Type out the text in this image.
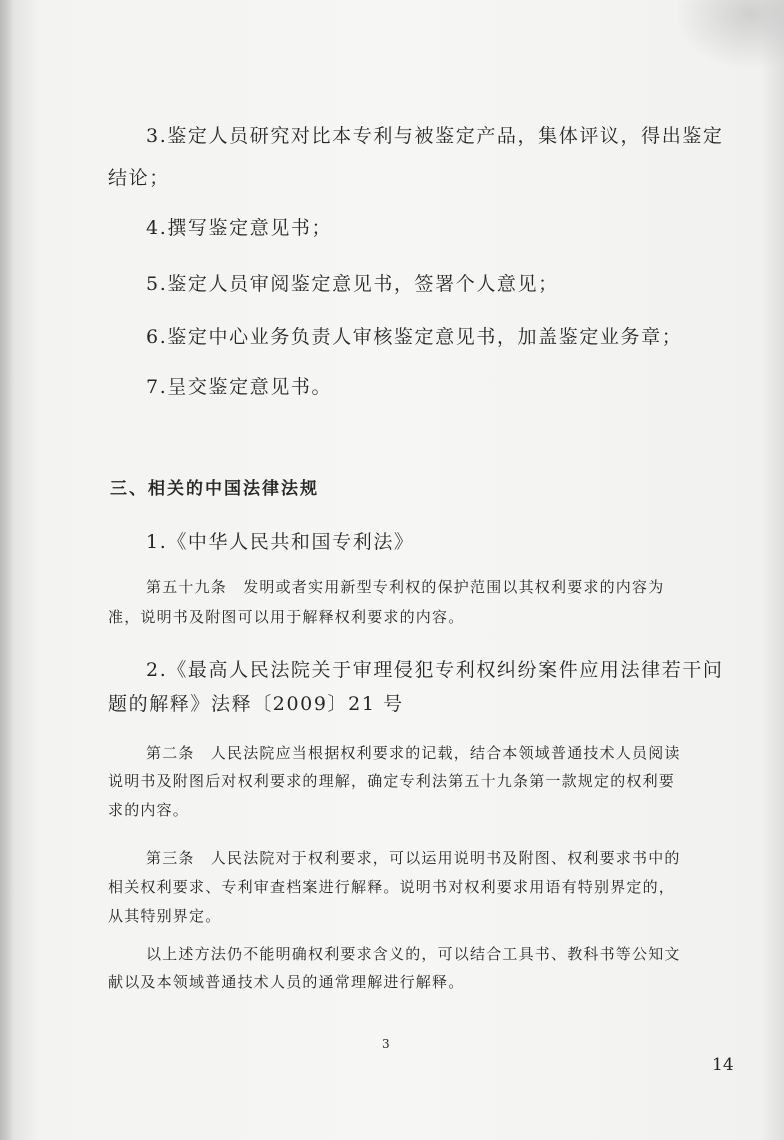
3.鉴定人员研究对比本专利与被鉴定产品，集体评议，得出鉴定
结论；
4.撰写鉴定意见书；
5.鉴定人员审阅鉴定意见书，签署个人意见；
6.鉴定中心业务负责人审核鉴定意见书，加盖鉴定业务章；
7.呈交鉴定意见书。
三、相关的中国法律法规
1.《中华人民共和国专利法》
第五十九条　发明或者实用新型专利权的保护范围以其权利要求的内容为
准，说明书及附图可以用于解释权利要求的内容。
2.《最高人民法院关于审理侵犯专利权纠纷案件应用法律若干问
题的解释》法释〔2009〕21 号
第二条　人民法院应当根据权利要求的记载，结合本领域普通技术人员阅读
说明书及附图后对权利要求的理解，确定专利法第五十九条第一款规定的权利要
求的内容。
第三条　人民法院对于权利要求，可以运用说明书及附图、权利要求书中的
相关权利要求、专利审查档案进行解释。说明书对权利要求用语有特别界定的，
从其特别界定。
以上述方法仍不能明确权利要求含义的，可以结合工具书、教科书等公知文
献以及本领域普通技术人员的通常理解进行解释。
3
14
